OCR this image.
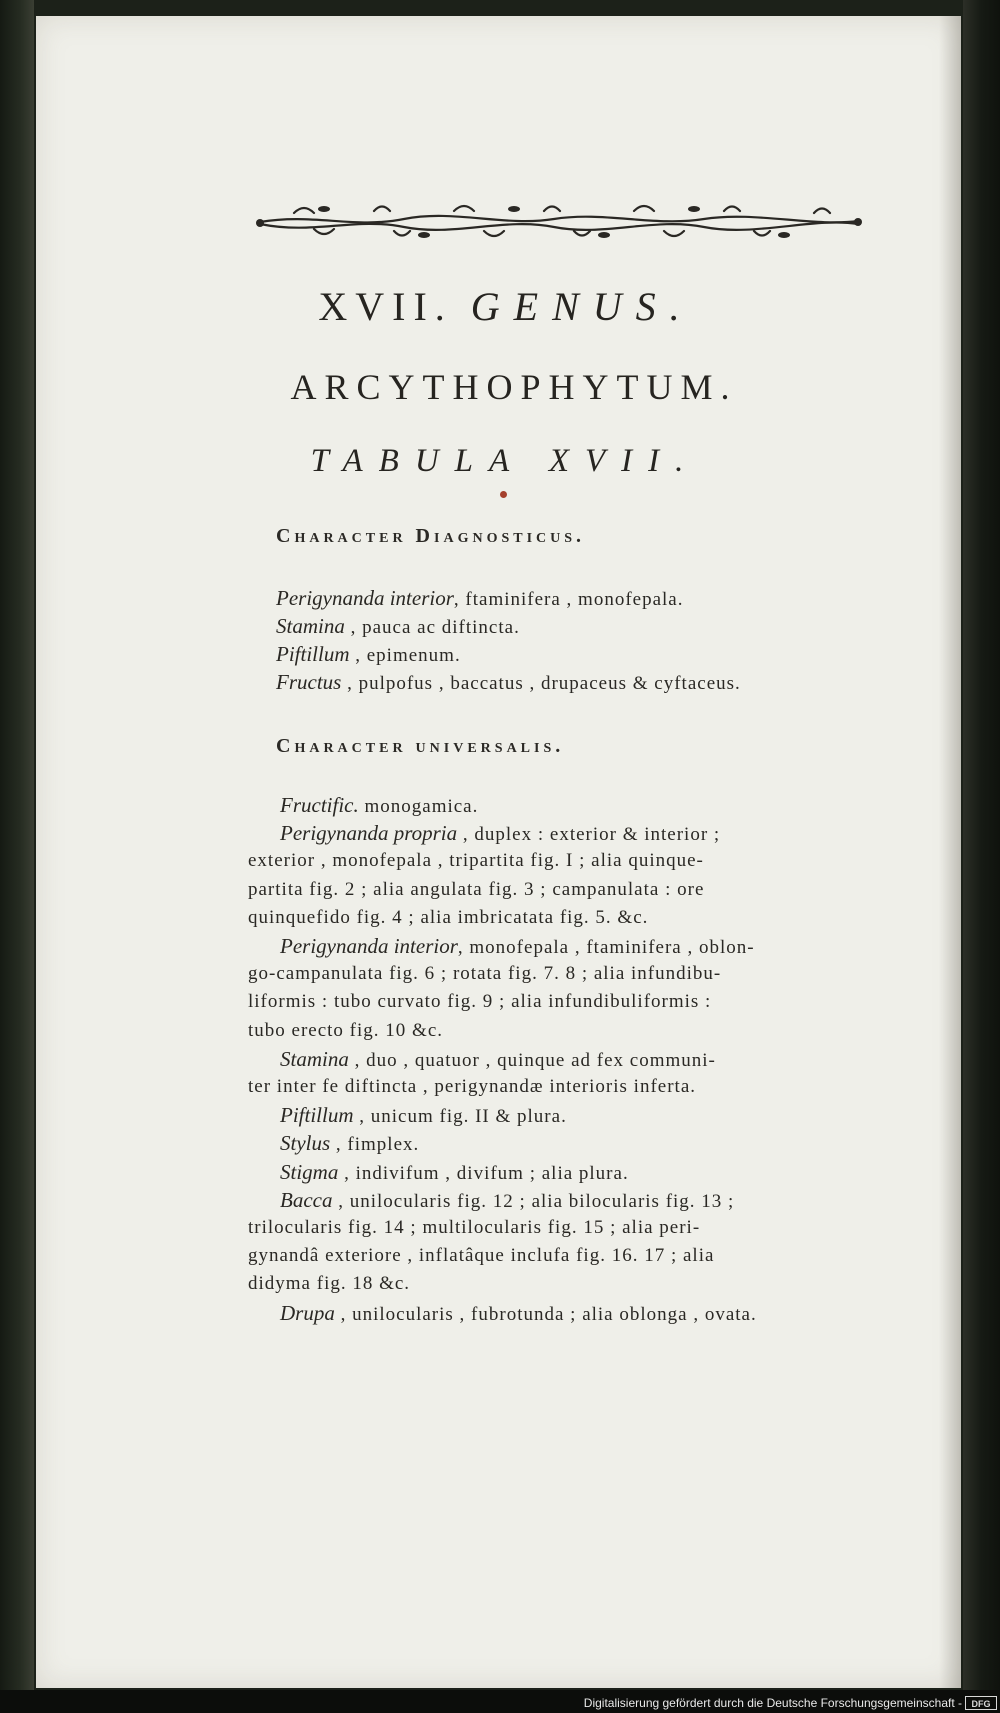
XVII. GENUS.
ARCYTHOPHYTUM.
TABULA XVII.
Character Diagnosticus.
Perigynanda interior, ftaminifera , monofepala.
Stamina , pauca ac diftincta.
Piftillum , epimenum.
Fructus , pulpofus , baccatus , drupaceus & cyftaceus.
Character universalis.
Fructific. monogamica.
Perigynanda propria , duplex : exterior & interior ;
exterior , monofepala , tripartita fig. I ; alia quinque-
partita fig. 2 ; alia angulata fig. 3 ; campanulata : ore
quinquefido fig. 4 ; alia imbricatata fig. 5. &c.
Perigynanda interior, monofepala , ftaminifera , oblon-
go-campanulata fig. 6 ; rotata fig. 7. 8 ; alia infundibu-
liformis : tubo curvato fig. 9 ; alia infundibuliformis :
tubo erecto fig. 10 &c.
Stamina , duo , quatuor , quinque ad fex communi-
ter inter fe diftincta , perigynandæ interioris inferta.
Piftillum , unicum fig. II & plura.
Stylus , fimplex.
Stigma , indivifum , divifum ; alia plura.
Bacca , unilocularis fig. 12 ; alia bilocularis fig. 13 ;
trilocularis fig. 14 ; multilocularis fig. 15 ; alia peri-
gynandâ exteriore , inflatâque inclufa fig. 16. 17 ; alia
didyma fig. 18 &c.
Drupa , unilocularis , fubrotunda ; alia oblonga , ovata.
Digitalisierung gefördert durch die Deutsche Forschungsgemeinschaft -	DFG
